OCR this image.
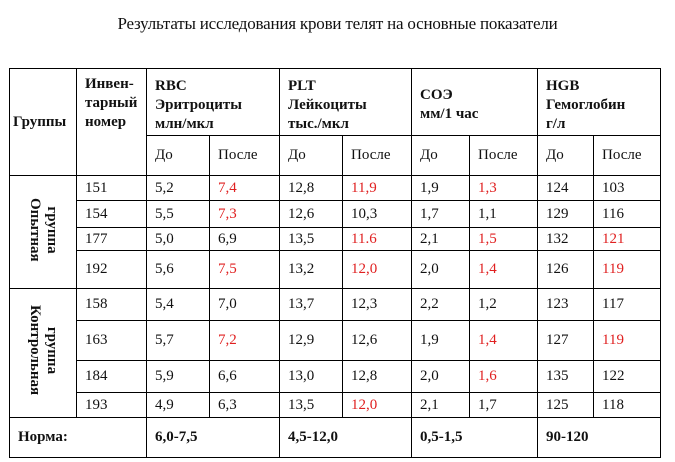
Результаты исследования крови телят на основные показатели
Группы	Инвен-
тарный
номер	RBC
Эритроциты
млн/мкл		PLT
Лейкоциты
тыс./мкл		СОЭ
мм/1 час		HGB
Гемоглобин
г/л	
		До	После	До	После	До	После	До	После
Опытная
группа	151	5,2	7,4	12,8	11,9	1,9	1,3	124	103
	154	5,5	7,3	12,6	10,3	1,7	1,1	129	116
	177	5,0	6,9	13,5	11.6	2,1	1,5	132	121
	192	5,6	7,5	13,2	12,0	2,0	1,4	126	119
Контрольная
группа	158	5,4	7,0	13,7	12,3	2,2	1,2	123	117
	163	5,7	7,2	12,9	12,6	1,9	1,4	127	119
	184	5,9	6,6	13,0	12,8	2,0	1,6	135	122
	193	4,9	6,3	13,5	12,0	2,1	1,7	125	118
Норма:		6,0-7,5		4,5-12,0		0,5-1,5		90-120	
